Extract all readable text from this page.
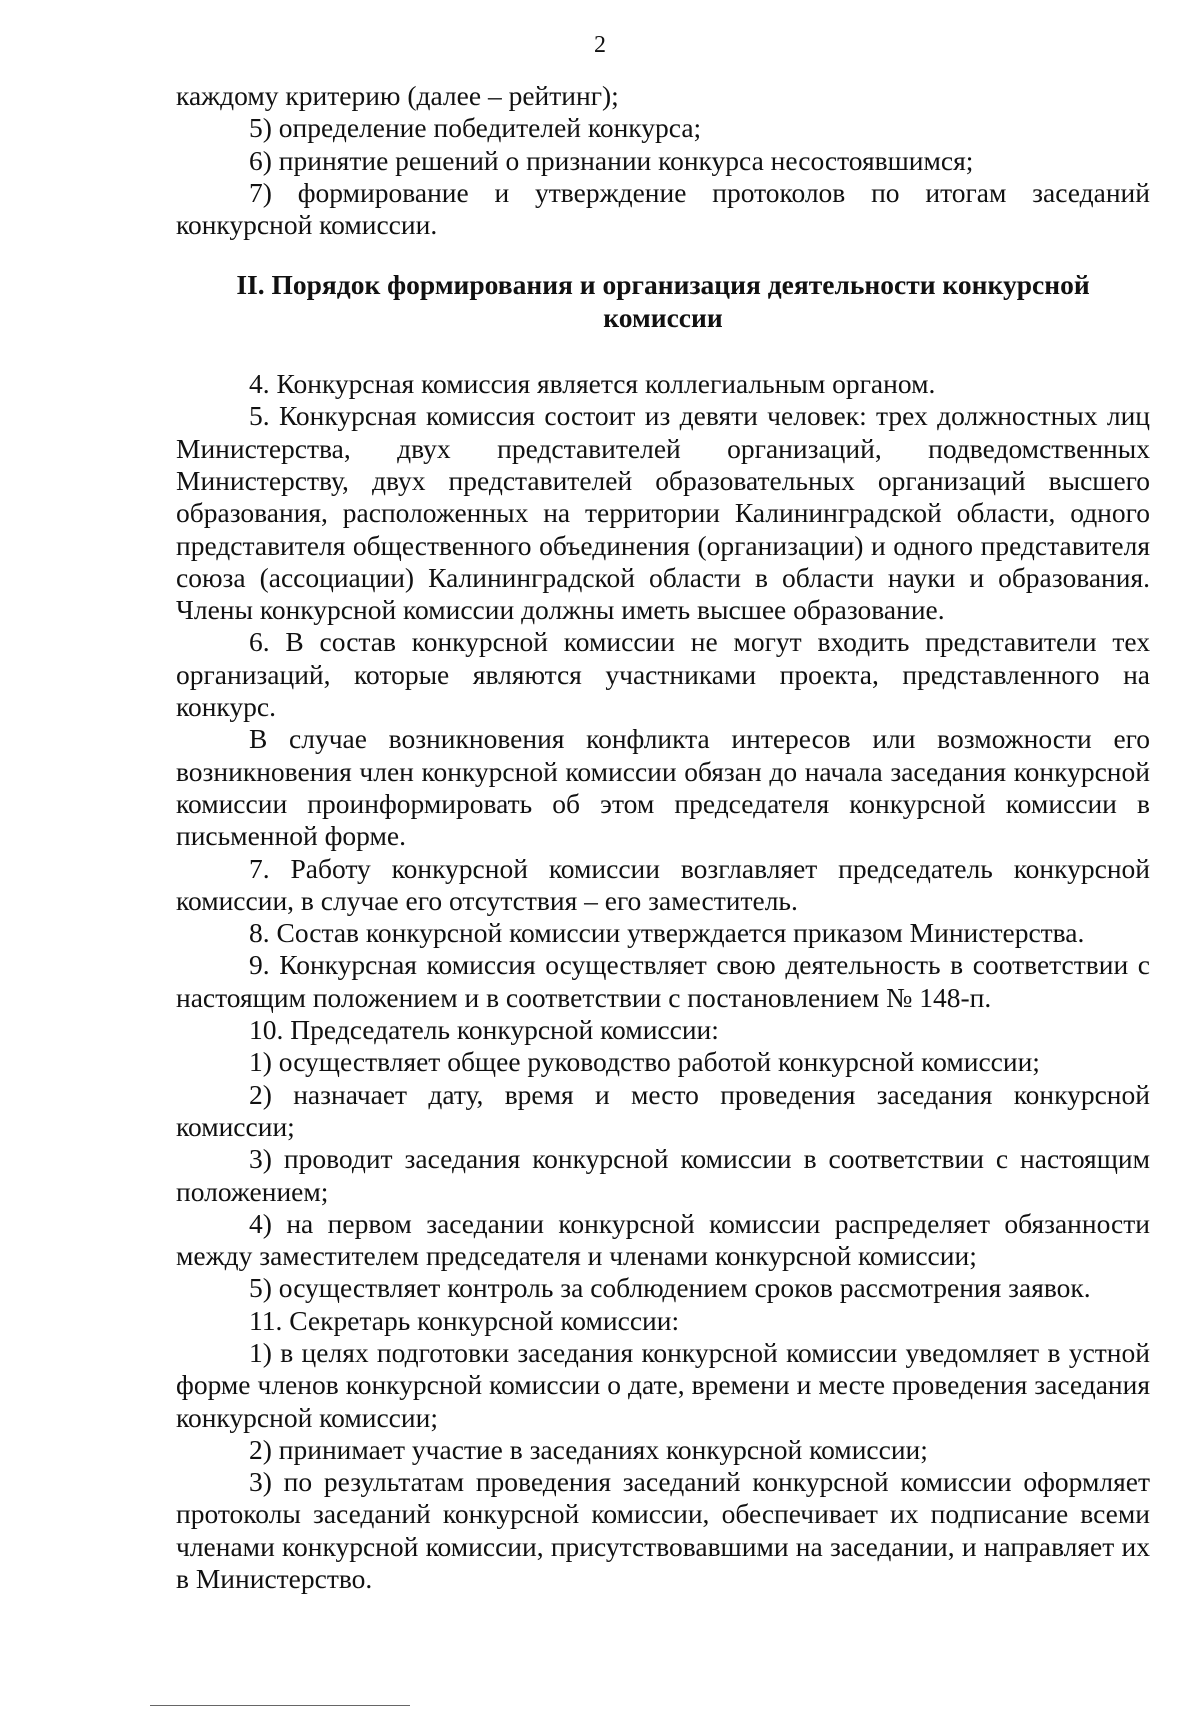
2

каждому критерию (далее – рейтинг);

5) определение победителей конкурса;

6) принятие решений о признании конкурса несостоявшимся;

7) формирование и утверждение протоколов по итогам заседаний конкурсной комиссии.

II. Порядок формирования и организация деятельности конкурсной комиссии

4. Конкурсная комиссия является коллегиальным органом.

5. Конкурсная комиссия состоит из девяти человек: трех должностных лиц Министерства, двух представителей организаций, подведомственных Министерству, двух представителей образовательных организаций высшего образования, расположенных на территории Калининградской области, одного представителя общественного объединения (организации) и одного представителя союза (ассоциации) Калининградской области в области науки и образования. Члены конкурсной комиссии должны иметь высшее образование.

6. В состав конкурсной комиссии не могут входить представители тех организаций, которые являются участниками проекта, представленного на конкурс.

В случае возникновения конфликта интересов или возможности его возникновения член конкурсной комиссии обязан до начала заседания конкурсной комиссии проинформировать об этом председателя конкурсной комиссии в письменной форме.

7. Работу конкурсной комиссии возглавляет председатель конкурсной комиссии, в случае его отсутствия – его заместитель.

8. Состав конкурсной комиссии утверждается приказом Министерства.

9. Конкурсная комиссия осуществляет свою деятельность в соответствии с настоящим положением и в соответствии с постановлением № 148-п.

10. Председатель конкурсной комиссии:

1) осуществляет общее руководство работой конкурсной комиссии;

2) назначает дату, время и место проведения заседания конкурсной комиссии;

3) проводит заседания конкурсной комиссии в соответствии с настоящим положением;

4) на первом заседании конкурсной комиссии распределяет обязанности между заместителем председателя и членами конкурсной комиссии;

5) осуществляет контроль за соблюдением сроков рассмотрения заявок.

11. Секретарь конкурсной комиссии:

1) в целях подготовки заседания конкурсной комиссии уведомляет в устной форме членов конкурсной комиссии о дате, времени и месте проведения заседания конкурсной комиссии;

2) принимает участие в заседаниях конкурсной комиссии;

3) по результатам проведения заседаний конкурсной комиссии оформляет протоколы заседаний конкурсной комиссии, обеспечивает их подписание всеми членами конкурсной комиссии, присутствовавшими на заседании, и направляет их в Министерство.
